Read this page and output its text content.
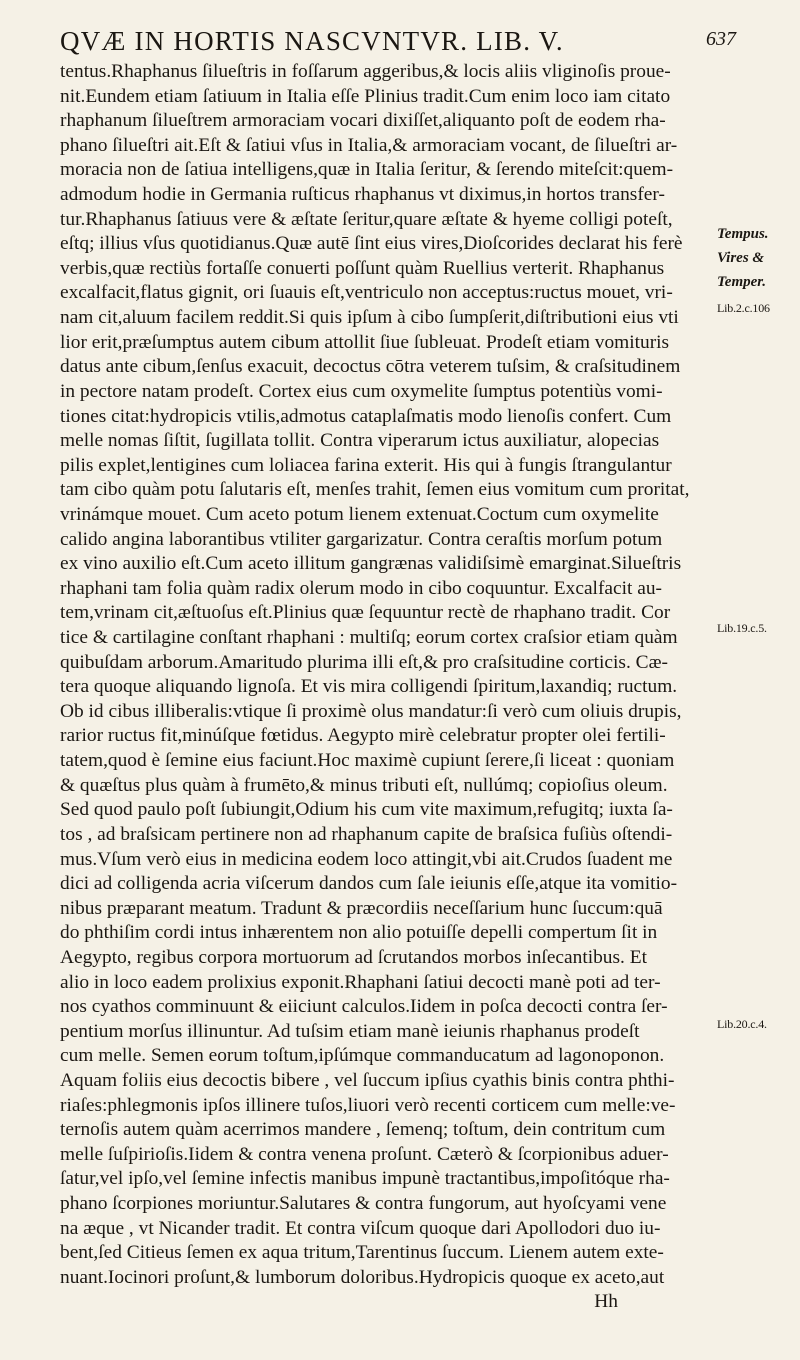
QVÆ IN HORTIS NASCVNTVR. LIB. V.	637
tentus.Rhaphanus ſilueſtris in foſſarum aggeribus,& locis aliis vliginoſis proue-
nit.Eundem etiam ſatiuum in Italia eſſe Plinius tradit.Cum enim loco iam citato
rhaphanum ſilueſtrem armoraciam vocari dixiſſet,aliquanto poſt de eodem rha-
phano ſilueſtri ait.Eſt & ſatiui vſus in Italia,& armoraciam vocant, de ſilueſtri ar-
moracia non de ſatiua intelligens,quæ in Italia ſeritur, & ſerendo miteſcit:quem-
admodum hodie in Germania ruſticus rhaphanus vt diximus,in hortos transfer-
tur.Rhaphanus ſatiuus vere & æſtate ſeritur,quare æſtate & hyeme colligi poteſt,
eſtq; illius vſus quotidianus.Quæ autē ſint eius vires,Dioſcorides declarat his ferè
verbis,quæ rectiùs fortaſſe conuerti poſſunt quàm Ruellius verterit. Rhaphanus
excalfacit,flatus gignit, ori ſuauis eſt,ventriculo non acceptus:ructus mouet, vri-
nam cit,aluum facilem reddit.Si quis ipſum à cibo ſumpſerit,diſtributioni eius vti
lior erit,præſumptus autem cibum attollit ſiue ſubleuat. Prodeſt etiam vomituris
datus ante cibum,ſenſus exacuit, decoctus cōtra veterem tuſsim, & craſsitudinem
in pectore natam prodeſt. Cortex eius cum oxymelite ſumptus potentiùs vomi-
tiones citat:hydropicis vtilis,admotus cataplaſmatis modo lienoſis confert. Cum
melle nomas ſiſtit, ſugillata tollit. Contra viperarum ictus auxiliatur, alopecias
pilis explet,lentigines cum loliacea farina exterit. His qui à fungis ſtrangulantur
tam cibo quàm potu ſalutaris eſt, menſes trahit, ſemen eius vomitum cum proritat,
vrinámque mouet. Cum aceto potum lienem extenuat.Coctum cum oxymelite
calido angina laborantibus vtiliter gargarizatur. Contra ceraſtis morſum potum
ex vino auxilio eſt.Cum aceto illitum gangrænas validiſsimè emarginat.Silueſtris
rhaphani tam folia quàm radix olerum modo in cibo coquuntur. Excalfacit au-
tem,vrinam cit,æſtuoſus eſt.Plinius quæ ſequuntur rectè de rhaphano tradit. Cor
tice & cartilagine conſtant rhaphani : multiſq; eorum cortex craſsior etiam quàm
quibuſdam arborum.Amaritudo plurima illi eſt,& pro craſsitudine corticis. Cæ-
tera quoque aliquando lignoſa. Et vis mira colligendi ſpiritum,laxandiq; ructum.
Ob id cibus illiberalis:vtique ſi proximè olus mandatur:ſi verò cum oliuis drupis,
rarior ructus fit,minúſque fœtidus. Aegypto mirè celebratur propter olei fertili-
tatem,quod è ſemine eius faciunt.Hoc maximè cupiunt ſerere,ſi liceat : quoniam
& quæſtus plus quàm à frumēto,& minus tributi eſt, nullúmq; copioſius oleum.
Sed quod paulo poſt ſubiungit,Odium his cum vite maximum,refugitq; iuxta ſa-
tos , ad braſsicam pertinere non ad rhaphanum capite de braſsica fuſiùs oſtendi-
mus.Vſum verò eius in medicina eodem loco attingit,vbi ait.Crudos ſuadent me
dici ad colligenda acria viſcerum dandos cum ſale ieiunis eſſe,atque ita vomitio-
nibus præparant meatum. Tradunt & præcordiis neceſſarium hunc ſuccum:quā
do phthiſim cordi intus inhærentem non alio potuiſſe depelli compertum ſit in
Aegypto, regibus corpora mortuorum ad ſcrutandos morbos inſecantibus. Et
alio in loco eadem prolixius exponit.Rhaphani ſatiui decocti manè poti ad ter-
nos cyathos comminuunt & eiiciunt calculos.Iidem in poſca decocti contra ſer-
pentium morſus illinuntur. Ad tuſsim etiam manè ieiunis rhaphanus prodeſt
cum melle. Semen eorum toſtum,ipſúmque commanducatum ad lagonoponon.
Aquam foliis eius decoctis bibere , vel ſuccum ipſius cyathis binis contra phthi-
riaſes:phlegmonis ipſos illinere tuſos,liuori verò recenti corticem cum melle:ve-
ternoſis autem quàm acerrimos mandere , ſemenq; toſtum, dein contritum cum
melle ſuſpirioſis.Iidem & contra venena proſunt. Cæterò & ſcorpionibus aduer-
ſatur,vel ipſo,vel ſemine infectis manibus impunè tractantibus,impoſitóque rha-
phano ſcorpiones moriuntur.Salutares & contra fungorum, aut hyoſcyami vene
na æque , vt Nicander tradit. Et contra viſcum quoque dari Apollodori duo iu-
bent,ſed Citieus ſemen ex aqua tritum,Tarentinus ſuccum. Lienem autem exte-
nuant.Iocinori proſunt,& lumborum doloribus.Hydropicis quoque ex aceto,aut
Hh
Tempus.
Vires &
Temper.
Lib.2.c.106
Lib.19.c.5.
Lib.20.c.4.
